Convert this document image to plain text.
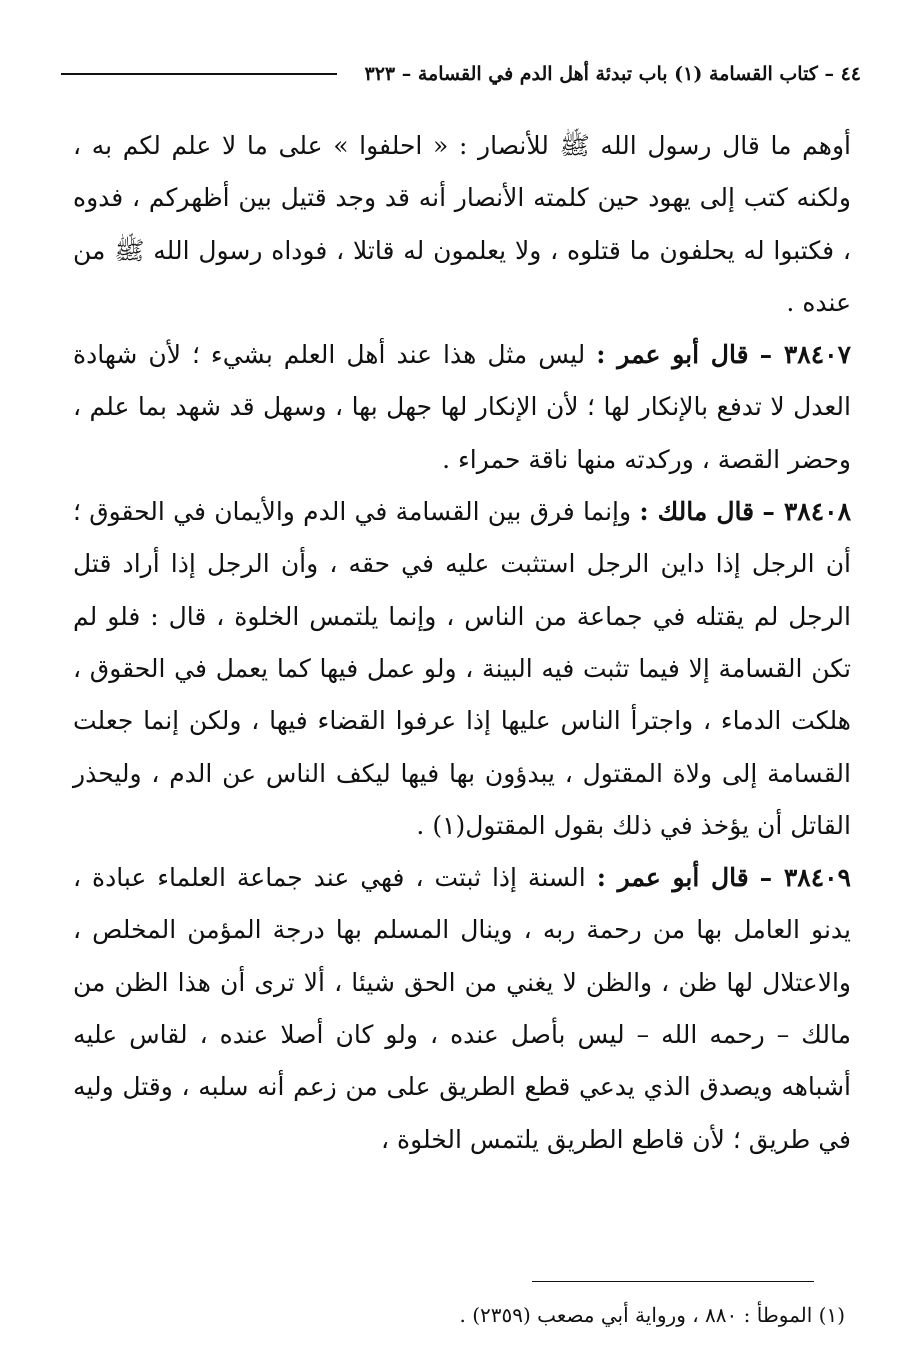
٤٤ – كتاب القسامة (١) باب تبدئة أهل الدم في القسامة – ٣٢٣

أوهم ما قال رسول الله ﷺ للأنصار : « احلفوا » على ما لا علم لكم به ، ولكنه كتب إلى يهود حين كلمته الأنصار أنه قد وجد قتيل بين أظهركم ، فدوه ، فكتبوا له يحلفون ما قتلوه ، ولا يعلمون له قاتلا ، فوداه رسول الله ﷺ من عنده .

٣٨٤٠٧ – قال أبو عمر : ليس مثل هذا عند أهل العلم بشيء ؛ لأن شهادة العدل لا تدفع بالإنكار لها ؛ لأن الإنكار لها جهل بها ، وسهل قد شهد بما علم ، وحضر القصة ، وركدته منها ناقة حمراء .

٣٨٤٠٨ – قال مالك : وإنما فرق بين القسامة في الدم والأيمان في الحقوق ؛ أن الرجل إذا داين الرجل استثبت عليه في حقه ، وأن الرجل إذا أراد قتل الرجل لم يقتله في جماعة من الناس ، وإنما يلتمس الخلوة ، قال : فلو لم تكن القسامة إلا فيما تثبت فيه البينة ، ولو عمل فيها كما يعمل في الحقوق ، هلكت الدماء ، واجترأ الناس عليها إذا عرفوا القضاء فيها ، ولكن إنما جعلت القسامة إلى ولاة المقتول ، يبدؤون بها فيها ليكف الناس عن الدم ، وليحذر القاتل أن يؤخذ في ذلك بقول المقتول(١) .

٣٨٤٠٩ – قال أبو عمر : السنة إذا ثبتت ، فهي عند جماعة العلماء عبادة ، يدنو العامل بها من رحمة ربه ، وينال المسلم بها درجة المؤمن المخلص ، والاعتلال لها ظن ، والظن لا يغني من الحق شيئا ، ألا ترى أن هذا الظن من مالك – رحمه الله – ليس بأصل عنده ، ولو كان أصلا عنده ، لقاس عليه أشباهه ويصدق الذي يدعي قطع الطريق على من زعم أنه سلبه ، وقتل وليه في طريق ؛ لأن قاطع الطريق يلتمس الخلوة ،

(١) الموطأ : ٨٨٠ ، ورواية أبي مصعب (٢٣٥٩) .
